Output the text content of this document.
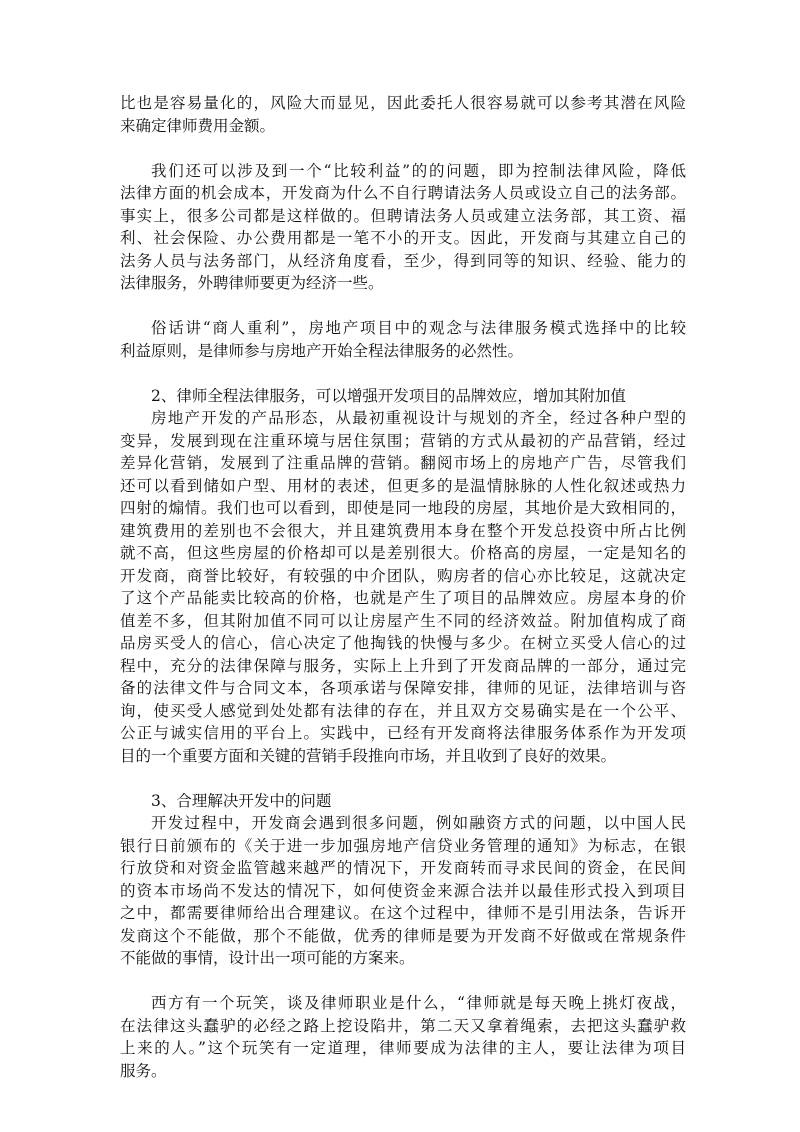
比也是容易量化的，风险大而显见，因此委托人很容易就可以参考其潜在风险
来确定律师费用金额。
我们还可以涉及到一个“比较利益”的的问题，即为控制法律风险，降低
法律方面的机会成本，开发商为什么不自行聘请法务人员或设立自己的法务部。
事实上，很多公司都是这样做的。但聘请法务人员或建立法务部，其工资、福
利、社会保险、办公费用都是一笔不小的开支。因此，开发商与其建立自己的
法务人员与法务部门，从经济角度看，至少，得到同等的知识、经验、能力的
法律服务，外聘律师要更为经济一些。
俗话讲“商人重利”，房地产项目中的观念与法律服务模式选择中的比较
利益原则，是律师参与房地产开始全程法律服务的必然性。
2、律师全程法律服务，可以增强开发项目的品牌效应，增加其附加值
房地产开发的产品形态，从最初重视设计与规划的齐全，经过各种户型的
变异，发展到现在注重环境与居住氛围；营销的方式从最初的产品营销，经过
差异化营销，发展到了注重品牌的营销。翻阅市场上的房地产广告，尽管我们
还可以看到储如户型、用材的表述，但更多的是温情脉脉的人性化叙述或热力
四射的煽情。我们也可以看到，即使是同一地段的房屋，其地价是大致相同的，
建筑费用的差别也不会很大，并且建筑费用本身在整个开发总投资中所占比例
就不高，但这些房屋的价格却可以是差别很大。价格高的房屋，一定是知名的
开发商，商誉比较好，有较强的中介团队，购房者的信心亦比较足，这就决定
了这个产品能卖比较高的价格，也就是产生了项目的品牌效应。房屋本身的价
值差不多，但其附加值不同可以让房屋产生不同的经济效益。附加值构成了商
品房买受人的信心，信心决定了他掏钱的快慢与多少。在树立买受人信心的过
程中，充分的法律保障与服务，实际上上升到了开发商品牌的一部分，通过完
备的法律文件与合同文本，各项承诺与保障安排，律师的见证，法律培训与咨
询，使买受人感觉到处处都有法律的存在，并且双方交易确实是在一个公平、
公正与诚实信用的平台上。实践中，已经有开发商将法律服务体系作为开发项
目的一个重要方面和关键的营销手段推向市场，并且收到了良好的效果。
3、合理解决开发中的问题
开发过程中，开发商会遇到很多问题，例如融资方式的问题，以中国人民
银行日前颁布的《关于进一步加强房地产信贷业务管理的通知》为标志，在银
行放贷和对资金监管越来越严的情况下，开发商转而寻求民间的资金，在民间
的资本市场尚不发达的情况下，如何使资金来源合法并以最佳形式投入到项目
之中，都需要律师给出合理建议。在这个过程中，律师不是引用法条，告诉开
发商这个不能做，那个不能做，优秀的律师是要为开发商不好做或在常规条件
不能做的事情，设计出一项可能的方案来。
西方有一个玩笑，谈及律师职业是什么，“律师就是每天晚上挑灯夜战，
在法律这头蠢驴的必经之路上挖设陷井，第二天又拿着绳索，去把这头蠢驴救
上来的人。”这个玩笑有一定道理，律师要成为法律的主人，要让法律为项目
服务。
